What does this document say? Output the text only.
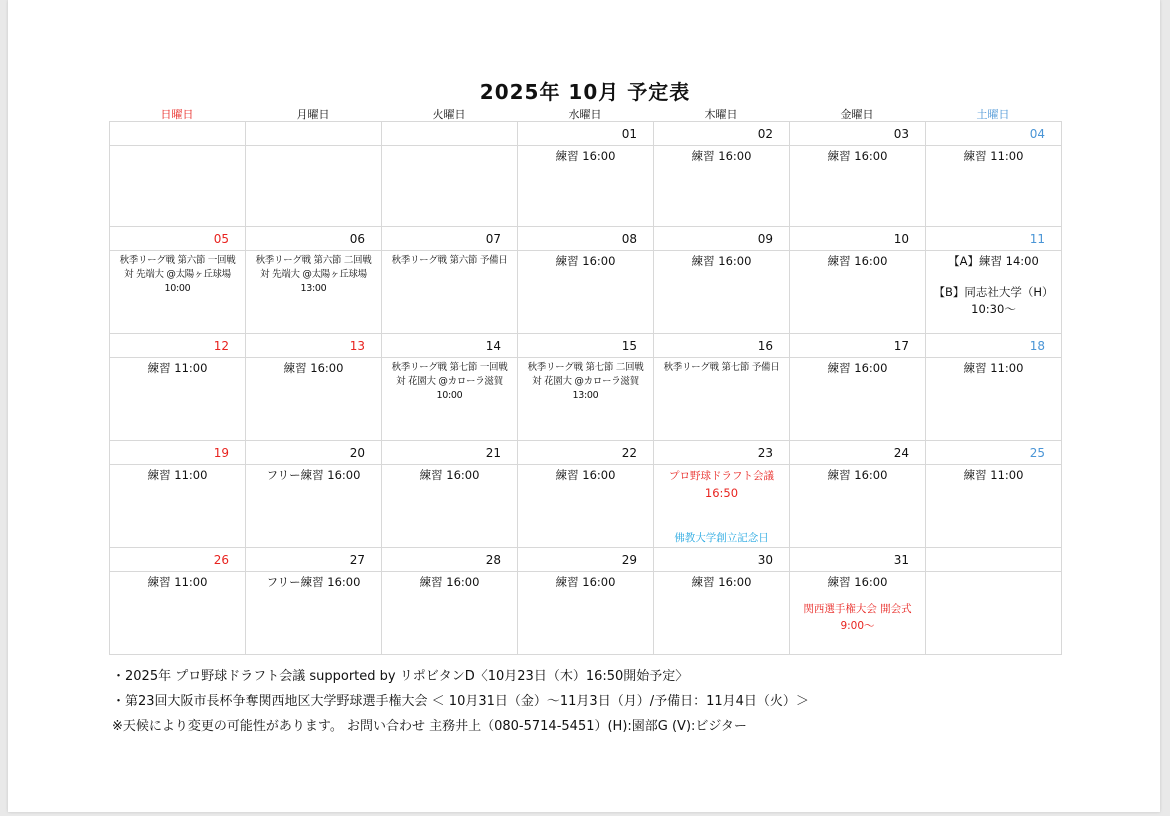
2025年 10月 予定表
日曜日	月曜日	火曜日	水曜日	木曜日	金曜日	土曜日
			01	02	03	04

			練習 16:00	練習 16:00	練習 16:00	練習 11:00

05	06	07	08	09	10	11

秋季リーグ戦 第六節 一回戦
対 先端大 @太陽ヶ丘球場
10:00	秋季リーグ戦 第六節 二回戦
対 先端大 @太陽ヶ丘球場
13:00	秋季リーグ戦 第六節 予備日	練習 16:00	練習 16:00	練習 16:00	【A】練習 14:00
【B】同志社大学（H）
10:30〜

12	13	14	15	16	17	18

練習 11:00	練習 16:00	秋季リーグ戦 第七節 一回戦
対 花園大 @カローラ滋賀
10:00	秋季リーグ戦 第七節 二回戦
対 花園大 @カローラ滋賀
13:00	秋季リーグ戦 第七節 予備日	練習 16:00	練習 11:00

19	20	21	22	23	24	25

練習 11:00	フリー練習 16:00	練習 16:00	練習 16:00	プロ野球ドラフト会議
16:50
佛教大学創立記念日	練習 16:00	練習 11:00

26	27	28	29	30	31	

練習 11:00	フリー練習 16:00	練習 16:00	練習 16:00	練習 16:00	練習 16:00
関西選手権大会 開会式
9:00〜	

・2025年 プロ野球ドラフト会議 supported by リポビタンD〈10月23日（木）16:50開始予定〉
・第23回大阪市長杯争奪関西地区大学野球選手権大会 ＜ 10月31日（金）〜11月3日（月）/予備日：11月4日（火）＞
※天候により変更の可能性があります。 お問い合わせ 主務井上（080-5714-5451）(H):園部G (V):ビジター
